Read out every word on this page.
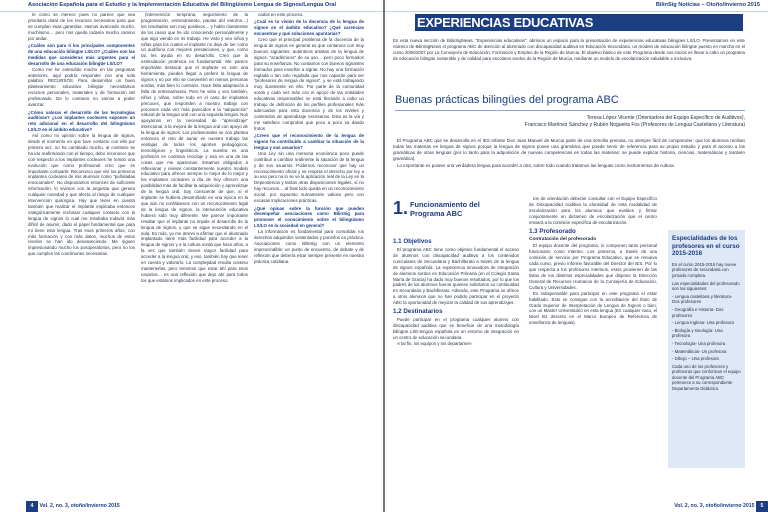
Asociación Española para el Estudio y la Implementación Educativa del Bilingüismo Lengua de Signos/Lengua Oral
te como se merece pues no parece que sea prioritario dotar de los recursos necesarios para que se cumplan esas garantías. Hemos avanzado mucho, muchísimo… pero nos queda todavía mucho camino por andar.
¿Cuáles son para ti los principales componentes de una educación bilingüe LS/LO? ¿Cuáles son las medidas que consideras más urgentes para el desarrollo de una educación bilingüe LS/LO?
Como me he extendido mucho en las preguntas anteriores, aquí podría responder con una sola palabra: RECURSOS. Para desarrollar un buen planteamiento educativo bilingüe necesitamos recursos personales, materiales y de formación del profesorado. De lo contrario no vamos a poder avanzar.
¿Cómo valoras el desarrollo de las tecnologías auditivas? ¿Los implantes cocleares suponen un reto adicional en el desarrollo del bilingüismo LS/LO en el ámbito educativo?
Así como mi opinión sobre la lengua de signos, desde el momento en que tuve contacto con ella por primera vez, no ha cambiado mucho, al contrario se ha ido reafirmando con el tiempo, debo reconocer que con respecto a los implantes cocleares he tenido una evolución que como profesional creo que es importante compartir. Reconozco que viví los primeros implantes cocleares de mis alumnos como "puñaladas emocionales". No disponíamos entonces de suficiente información, lo vivimos con la angustia que genera cualquier novedad y que afecta al riesgo de cualquier intervención quirúrgica. Hay que tener en cuenta también que realizar el implante implicaba entonces categóricamente rechazar cualquier contacto con la lengua de signos lo cual me resultaba todavía más difícil de asumir, dado el papel fundamental que para mí tiene esta lengua. Tras esos primeros años, con más formación y con más datos, muchos de estos recelos se han ido desvaneciendo. Me siguen impresionando mucho los posoperatorios, pero no los que cumplen las condiciones necesarias.
(intervención temprana, seguimiento de la programación, entrenamiento, pautas del entorno…) los resultados son muy positivos… y hablo claramente de los casos que he ido conociendo personalmente y que sigo viendo en mi trabajo. He visto y veo niños y niñas para los cuales el implante no deja de ser como un audífono con mejores prestaciones, y que, como tal, les ayuda en su desarrollo. Creo que la estimulación protésica es fundamental. Me parece importante destacar que el implante es solo una herramienta, pueden llegar a preferir la lengua de signos y no por ello se convierten en menos personas sordas, más bien lo contrario. Hace falta adaptación a falta de entrenamiento. Pero he visto y veo también, niños y niñas, sobre todo en el caso de implantes precoces, que responden a nuestro trabajo con procesos cada vez más parecidos a la "adquisición" natural de la lengua oral con una segunda lengua. Nos apoyamos en la necesidad de "aprendizaje" intencional, a la mejora de la lengua oral con apoyo de la lengua de signos. Los profesionales se nos plantea entonces el reto de aunar en nuestro trabajo las ventajas de todos los aportes pedagógicos, tecnológicos y lingüísticos. La nuestra es una profesión en continua reciclaje y esa es una de las cosas que me apasionan. Estamos obligados a reflexionar y revisar constantemente nuestro modelo educativo para ofrecer siempre lo mejor de lo mejor y los implantes cocleares a día de hoy ofrecen una posibilidad más de facilitar la adquisición y aprendizaje de la lengua oral. Soy consciente de que, si el implante se hubiera desarrollado en una época en la que aún no contábamos con un reconocimiento legal de la lengua de signos, la intervención educativa hubiera sido muy diferente. Me parece importante resaltar que el implante no impide el desarrollo de la lengua de signos, y que se sigue necesitando en el aula. Es más, yo me atrevo a afirmar que el alumnado implantado tiene más facilidad para acceder a la lengua de signos y a la cultura sorda que hace años, a la vez que también tienen mayor facilidad para acceder a la lengua oral, y eso, también hay que tener en cuenta y valorarlo. La complejidad resulta costoso mantenerlas, pero tenemos que estar ahí para esos usuarios… es una reflexión que dejo ahí para todos los que estamos implicados en este proceso.
cados en este proceso.
¿Cuál es tu visión de la docencia de la lengua de signos en el ámbito educativo? ¿Qué carencias encuentras y qué soluciones apuntarías?
Creo que el principal problema de la docencia de la lengua de signos en general es que contamos con muy buenos signantes, auténticos artistas de la lengua de signos, "académicos" de su uso… pero poco formados para su enseñanza. No contamos con buenos signantes formados para enseñar a signar. No hay una formación reglada o tan solo regulada que nos capacite para ser "profesores de lengua de signos", y se está trabajando muy duramente en ello. Por parte de la comunidad sorda y cada vez más con el apoyo de las entidades educativas responsables se está llevando a cabo un trabajo de definición de los perfiles profesionales más adecuados para esta docencia y de los niveles y contenidos de aprendizaje necesarios. Esta es la vía y me satisface comprobar que poco a poco va dando frutos.
¿Crees que el reconocimiento de la lengua de signos ha contribuido a cambiar la situación de la lengua y sus usuarios?
Una Ley sin una memoria económica poco puede contribuir a cambiar realmente la situación de la lengua y de sus usuarios. Podemos reconocer que hay un reconocimiento oficial y se respeta el derecho por ley a su uso pero no lo se ve la aplicación real de la Ley en la Dependencia y tantas otras disposiciones legales, sí no hay recursos… al final todo queda en un reconocimiento social, por supuesto sumamente valioso pero con escasas implicaciones prácticas.
¿Qué opinas sobre la función que pueden desempeñar asociaciones como BilinSig para promover el conocimiento sobre el bilingüismo LS/LO en la sociedad en general?
La información es fundamental para consolidar los derechos adquiridos sustentados y ponerlos en práctica. Asociaciones como BilinSig son un elemento imprescindible: un punto de encuentro, de debate y de reflexión que debería estar siempre presente en nuestra práctica cotidiana.
4 Vol. 2, no. 3, otoño/invierno 2015
BilinSig Noticias – Otoño/Invierno 2015
EXPERIENCIAS EDUCATIVAS
En esta nueva sección de BilinSigNews, "Experiencias educativas", abrimos un espacio para la presentación de experiencias educativas bilingües LS/LO. Presentamos en este número de BilinSigNews el programa ABC de atención al alumnado con discapacidad auditiva en Educación Secundaria, un modelo de educación bilingüe puesto en marcha en el curso 2006/2007 por La Consejería de Educación, Formación y Empleo de la Región de Murcia. El objetivo básico de este Programa desde sus inicios es llevar a cabo un programa de educación bilingüe sostenible y de calidad para escolares sordos de la Región de Murcia, mediante un modelo de escolarización saludable e inclusiva.
Buenas prácticas bilingües del programa ABC
Teresa López Vicente (Orientadora del Equipo Específico de Auditivos),
Francisco Martínez Sánchez y Rubén Nogueira Fos (Profesores de Lengua Castellana y Literatura)
El Programa ABC que se desarrolla en el IES Infante Don Juan Manuel de Murcia parte de una sencilla premisa, no siempre fácil de comprender: que los alumnos reciban todas las materias en lengua de signos porque la lengua de signos posee una gramática que puede servir de referencia para su propio estudio y para el acceso a las gramáticas de otras lenguas (por lo tanto para la adquisición de nuevas competencias en todas las materias: se puede explicar historia, ciencias, matemáticas y también gramática).
Lo importante es poseer una verdadera lengua para acceder a otra, sobre todo cuando tratamos las lenguas como instrumentos de cultura.
1. Funcionamiento del Programa ABC
1.1 Objetivos
El programa ABC tiene como objetivo fundamental el acceso de alumnos con discapacidad auditiva a los contenidos curriculares de Secundaria y Bachillerato a través de la lengua de signos española. La experiencia innovadora de integración de alumnos sordos en Educación Primaria (en el Colegio Santa María de Gracia) ha dado muy buenos resultados, por lo que los padres de los alumnos fueron quienes solicitaron su continuidad en Secundaria y Bachillerato. Además, este Programa se ofrece a otros alumnos que no han podido participar en el proyecto ABC la oportunidad de mejorar la calidad de sus aprendizajes.
1.2 Destinatarios
Puede participar en el programa cualquier alumno con discapacidad auditiva que se beneficie de una metodología bilingüe LSE-lengua española en un entorno de integración en un centro de educación secundaria.
A tal fin, los equipos y los departamen-
tos de orientación deberán consultar con el Equipo Específico de Discapacidad Auditiva la idoneidad de esta modalidad de escolarización para los alumnos que evalúen y firmar conjuntamente un dictamen de escolarización que el centro enviará a la comisión específica de escolarización.
1.3 Profesorado
Contratación del profesorado
El equipo docente del programa, lo componen tanto personal funcionario como interino. Los primeros, a través de una comisión de servicio por Programa Educativo, que se renueva cada curso, previo informe favorable del Director del IES. Por lo que respecta a los profesores interinos, estos provienen de las listas de los distintos especialidades que dispone la Dirección General de Recursos Humanos de la Consejería de Educación, Cultura y Universidades.
Es indispensable para participar en este programa el estar habilitado. Esto se consigue con la acreditación del título de Grado Superior de Interpretación de Lengua de Signos o bien, con un Máster Universitario en esta lengua (En cualquier caso, el Nivel B2 descrito en el Marco Europeo de Referencia de enseñanza de lenguas).
Especialidades de los profesores en el curso 2015-2016
En el curso 2015-2016 hay nueve profesores de secundaria con jornada completa.
Las especialidades del profesorado son las siguientes:
- Lengua castellana y literatura- Dos profesores
- Geografía e Historia- Dos profesores
- Lengua Inglesa- Una profesora
- Biología y Geología- Una profesora
- Tecnología- Una profesora
- Matemáticas- Un profesora
- Dibujo – Una profesora
Cada uno de los profesores y profesoras que conforman el equipo docente del Programa ABC pertenece a su correspondiente Departamento Didáctico.
Vol. 2, no. 3, otoño/invierno 2015 5
